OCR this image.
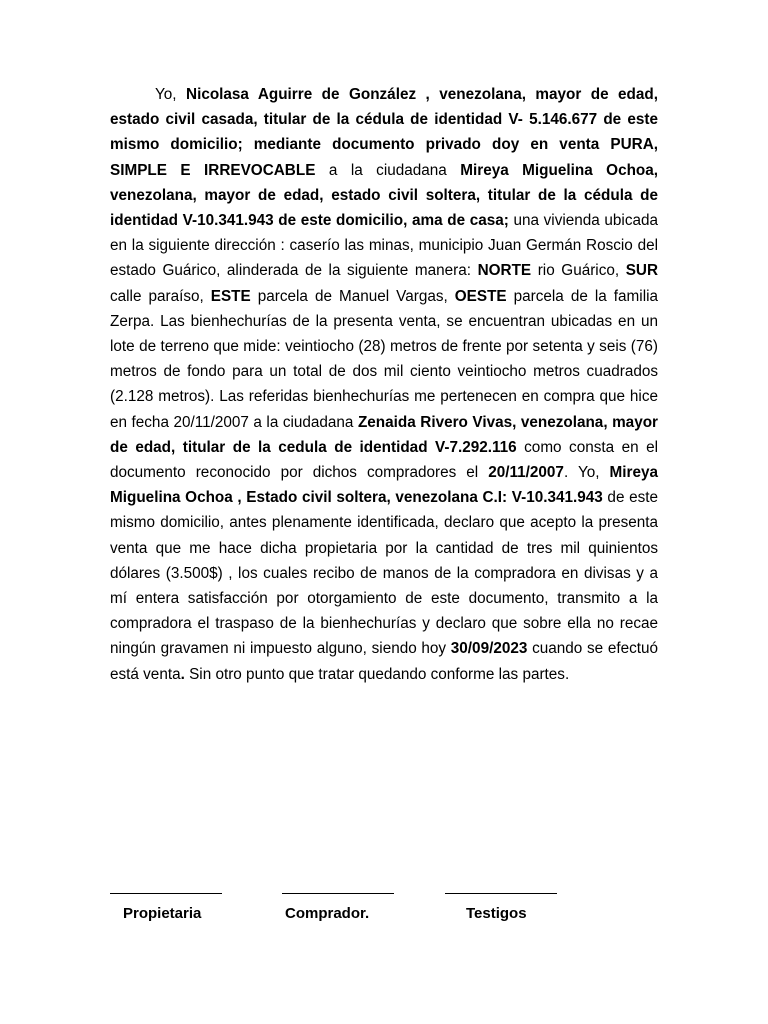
Yo, Nicolasa Aguirre de González , venezolana, mayor de edad, estado civil casada, titular de la cédula de identidad V- 5.146.677 de este mismo domicilio; mediante documento privado doy en venta PURA, SIMPLE E IRREVOCABLE a la ciudadana Mireya Miguelina Ochoa, venezolana, mayor de edad, estado civil soltera, titular de la cédula de identidad V-10.341.943 de este domicilio, ama de casa; una vivienda ubicada en la siguiente dirección : caserío las minas, municipio Juan Germán Roscio del estado Guárico, alinderada de la siguiente manera: NORTE rio Guárico, SUR calle paraíso, ESTE parcela de Manuel Vargas, OESTE parcela de la familia Zerpa. Las bienhechurías de la presenta venta, se encuentran ubicadas en un lote de terreno que mide: veintiocho (28) metros de frente por setenta y seis (76) metros de fondo para un total de dos mil ciento veintiocho metros cuadrados (2.128 metros). Las referidas bienhechurías me pertenecen en compra que hice en fecha 20/11/2007 a la ciudadana Zenaida Rivero Vivas, venezolana, mayor de edad, titular de la cedula de identidad V-7.292.116 como consta en el documento reconocido por dichos compradores el 20/11/2007. Yo, Mireya Miguelina Ochoa , Estado civil soltera, venezolana C.I: V-10.341.943 de este mismo domicilio, antes plenamente identificada, declaro que acepto la presenta venta que me hace dicha propietaria por la cantidad de tres mil quinientos dólares (3.500$) , los cuales recibo de manos de la compradora en divisas y a mí entera satisfacción por otorgamiento de este documento, transmito a la compradora el traspaso de la bienhechurías y declaro que sobre ella no recae ningún gravamen ni impuesto alguno, siendo hoy 30/09/2023 cuando se efectuó está venta. Sin otro punto que tratar quedando conforme las partes.

Propietaria	Comprador.	Testigos
